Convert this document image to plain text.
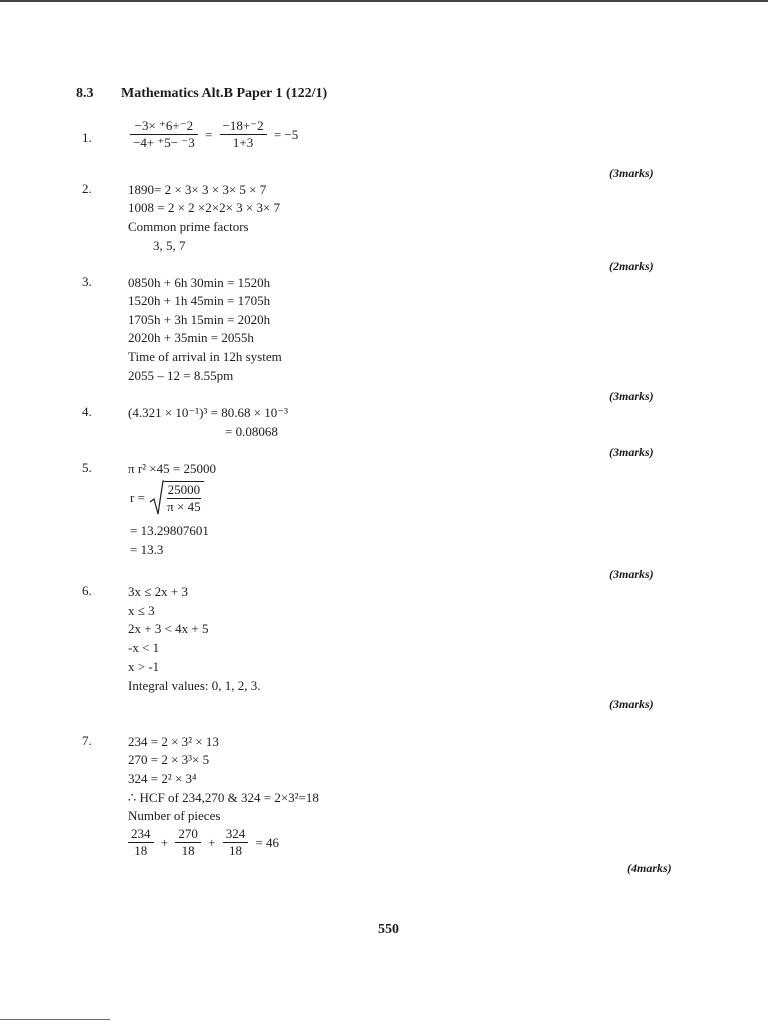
8.3 Mathematics Alt.B Paper 1 (122/1)
1.	$\frac{-3\times ^+6+^-2}{-4+ ^+5- ^-3} = \frac{-18+^-2}{1+3} = -5$
(3marks)
2.	1890= 2 × 3× 3 × 3× 5 × 7
1008 = 2 × 2 ×2×2× 3 × 3× 7
Common prime factors
3, 5, 7
(2marks)
3.	0850h + 6h 30min = 1520h
1520h + 1h 45min = 1705h
1705h + 3h 15min = 2020h
2020h + 35min = 2055h
Time of arrival in 12h system
2055 – 12 = 8.55pm
(3marks)
4.	(4.321 × 10⁻¹)³ = 80.68 × 10⁻³
= 0.08068
(3marks)
5.	π r² ×45 = 25000
$r = \frac{25000}{\pi \times 45}$
= 13.29807601
= 13.3
(3marks)
6.	3x ≤ 2x + 3
x ≤ 3
2x + 3 < 4x + 5
-x < 1
x > -1
Integral values: 0, 1, 2, 3.
(3marks)
7.	234 = 2 × 3² × 13
270 = 2 × 3³× 5
324 = 2² × 3⁴
∴ HCF of 234,270 & 324 = 2×3²=18
Number of pieces
$\frac{234}{18} + \frac{270}{18} + \frac{324}{18} = 46$
(4marks)
550
